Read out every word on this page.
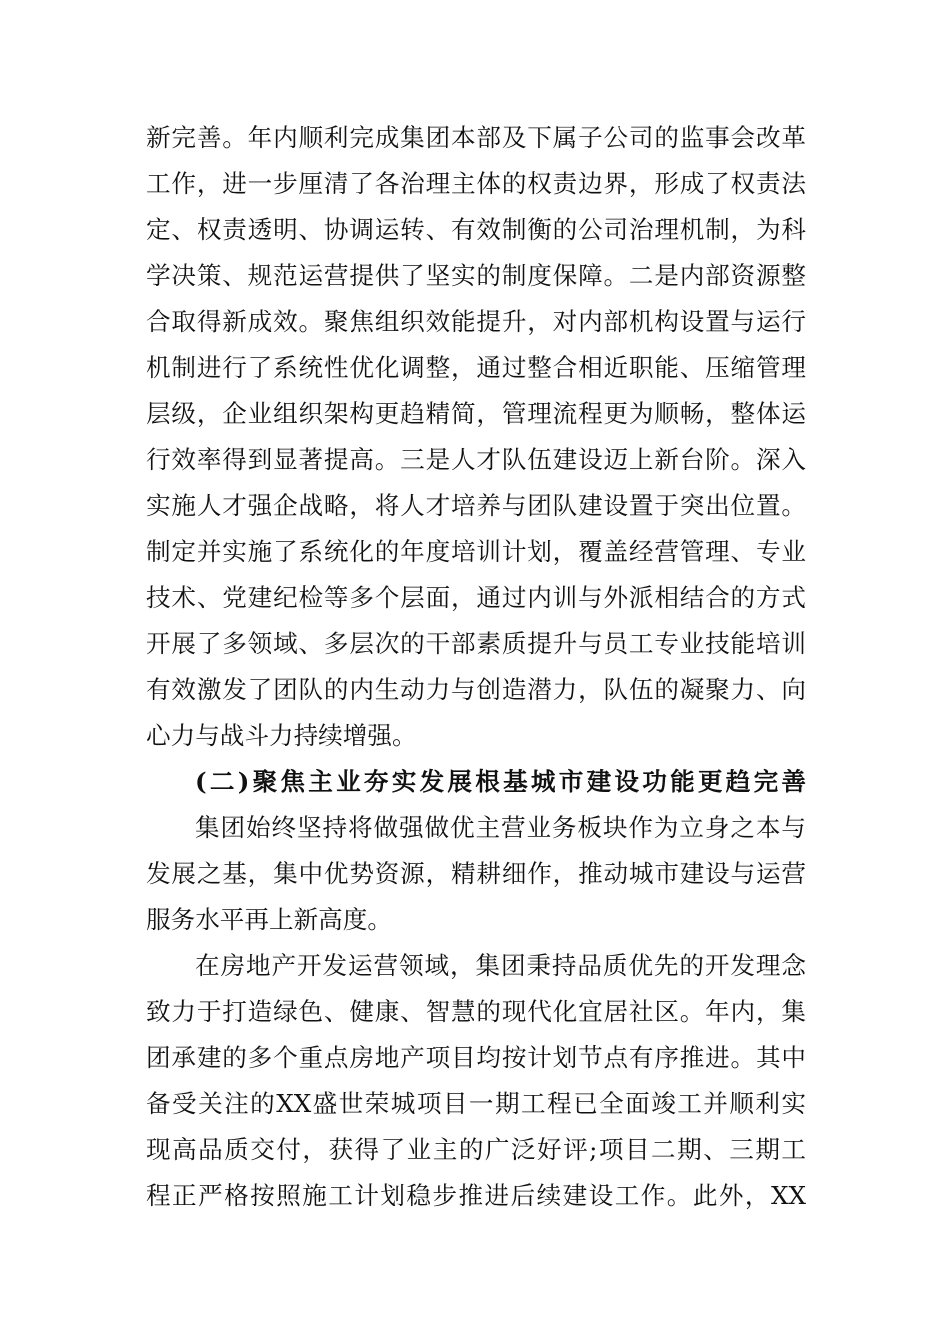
新完善。年内顺利完成集团本部及下属子公司的监事会改革
工作，进一步厘清了各治理主体的权责边界，形成了权责法
定、权责透明、协调运转、有效制衡的公司治理机制，为科
学决策、规范运营提供了坚实的制度保障。二是内部资源整
合取得新成效。聚焦组织效能提升，对内部机构设置与运行
机制进行了系统性优化调整，通过整合相近职能、压缩管理
层级，企业组织架构更趋精简，管理流程更为顺畅，整体运
行效率得到显著提高。三是人才队伍建设迈上新台阶。深入
实施人才强企战略，将人才培养与团队建设置于突出位置。
制定并实施了系统化的年度培训计划，覆盖经营管理、专业
技术、党建纪检等多个层面，通过内训与外派相结合的方式
开展了多领域、多层次的干部素质提升与员工专业技能培训
有效激发了团队的内生动力与创造潜力，队伍的凝聚力、向
心力与战斗力持续增强。
(二)聚焦主业夯实发展根基城市建设功能更趋完善
集团始终坚持将做强做优主营业务板块作为立身之本与
发展之基，集中优势资源，精耕细作，推动城市建设与运营
服务水平再上新高度。
在房地产开发运营领域，集团秉持品质优先的开发理念
致力于打造绿色、健康、智慧的现代化宜居社区。年内，集
团承建的多个重点房地产项目均按计划节点有序推进。其中
备受关注的XX盛世荣城项目一期工程已全面竣工并顺利实
现高品质交付，获得了业主的广泛好评;项目二期、三期工
程正严格按照施工计划稳步推进后续建设工作。此外，XX
